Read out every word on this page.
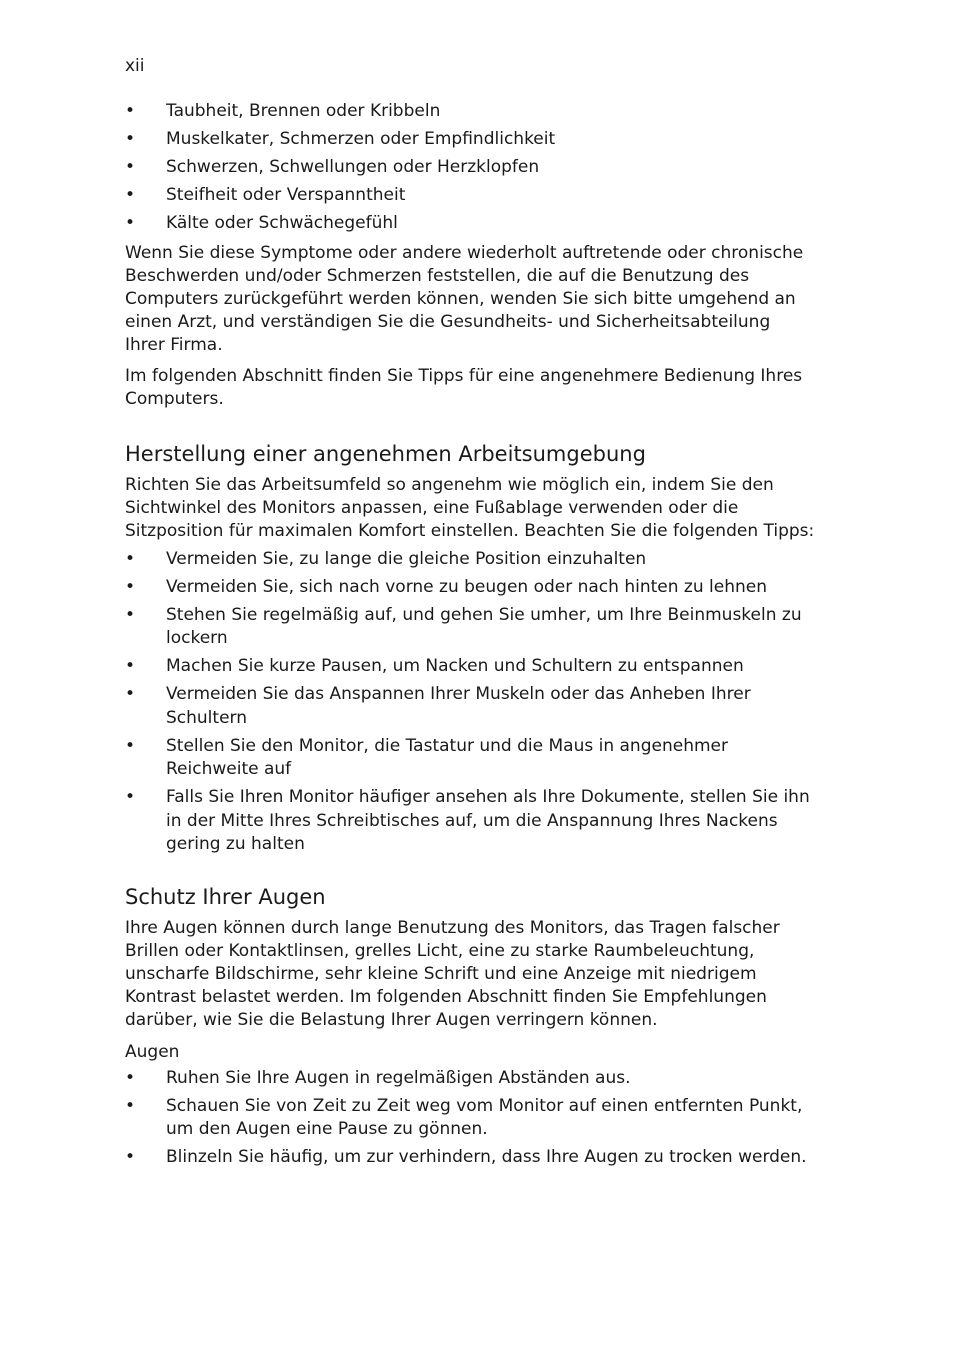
xii
• Taubheit, Brennen oder Kribbeln
• Muskelkater, Schmerzen oder Empfindlichkeit
• Schwerzen, Schwellungen oder Herzklopfen
• Steifheit oder Verspanntheit
• Kälte oder Schwächegefühl

Wenn Sie diese Symptome oder andere wiederholt auftretende oder chronische Beschwerden und/oder Schmerzen feststellen, die auf die Benutzung des Computers zurückgeführt werden können, wenden Sie sich bitte umgehend an einen Arzt, und verständigen Sie die Gesundheits- und Sicherheitsabteilung Ihrer Firma.

Im folgenden Abschnitt finden Sie Tipps für eine angenehmere Bedienung Ihres Computers.

Herstellung einer angenehmen Arbeitsumgebung

Richten Sie das Arbeitsumfeld so angenehm wie möglich ein, indem Sie den Sichtwinkel des Monitors anpassen, eine Fußablage verwenden oder die Sitzposition für maximalen Komfort einstellen. Beachten Sie die folgenden Tipps:

• Vermeiden Sie, zu lange die gleiche Position einzuhalten
• Vermeiden Sie, sich nach vorne zu beugen oder nach hinten zu lehnen
• Stehen Sie regelmäßig auf, und gehen Sie umher, um Ihre Beinmuskeln zu lockern
• Machen Sie kurze Pausen, um Nacken und Schultern zu entspannen
• Vermeiden Sie das Anspannen Ihrer Muskeln oder das Anheben Ihrer Schultern
• Stellen Sie den Monitor, die Tastatur und die Maus in angenehmer Reichweite auf
• Falls Sie Ihren Monitor häufiger ansehen als Ihre Dokumente, stellen Sie ihn in der Mitte Ihres Schreibtisches auf, um die Anspannung Ihres Nackens gering zu halten
Schutz Ihrer Augen

Ihre Augen können durch lange Benutzung des Monitors, das Tragen falscher Brillen oder Kontaktlinsen, grelles Licht, eine zu starke Raumbeleuchtung, unscharfe Bildschirme, sehr kleine Schrift und eine Anzeige mit niedrigem Kontrast belastet werden. Im folgenden Abschnitt finden Sie Empfehlungen darüber, wie Sie die Belastung Ihrer Augen verringern können.

Augen

• Ruhen Sie Ihre Augen in regelmäßigen Abständen aus.
• Schauen Sie von Zeit zu Zeit weg vom Monitor auf einen entfernten Punkt, um den Augen eine Pause zu gönnen.
• Blinzeln Sie häufig, um zur verhindern, dass Ihre Augen zu trocken werden.
